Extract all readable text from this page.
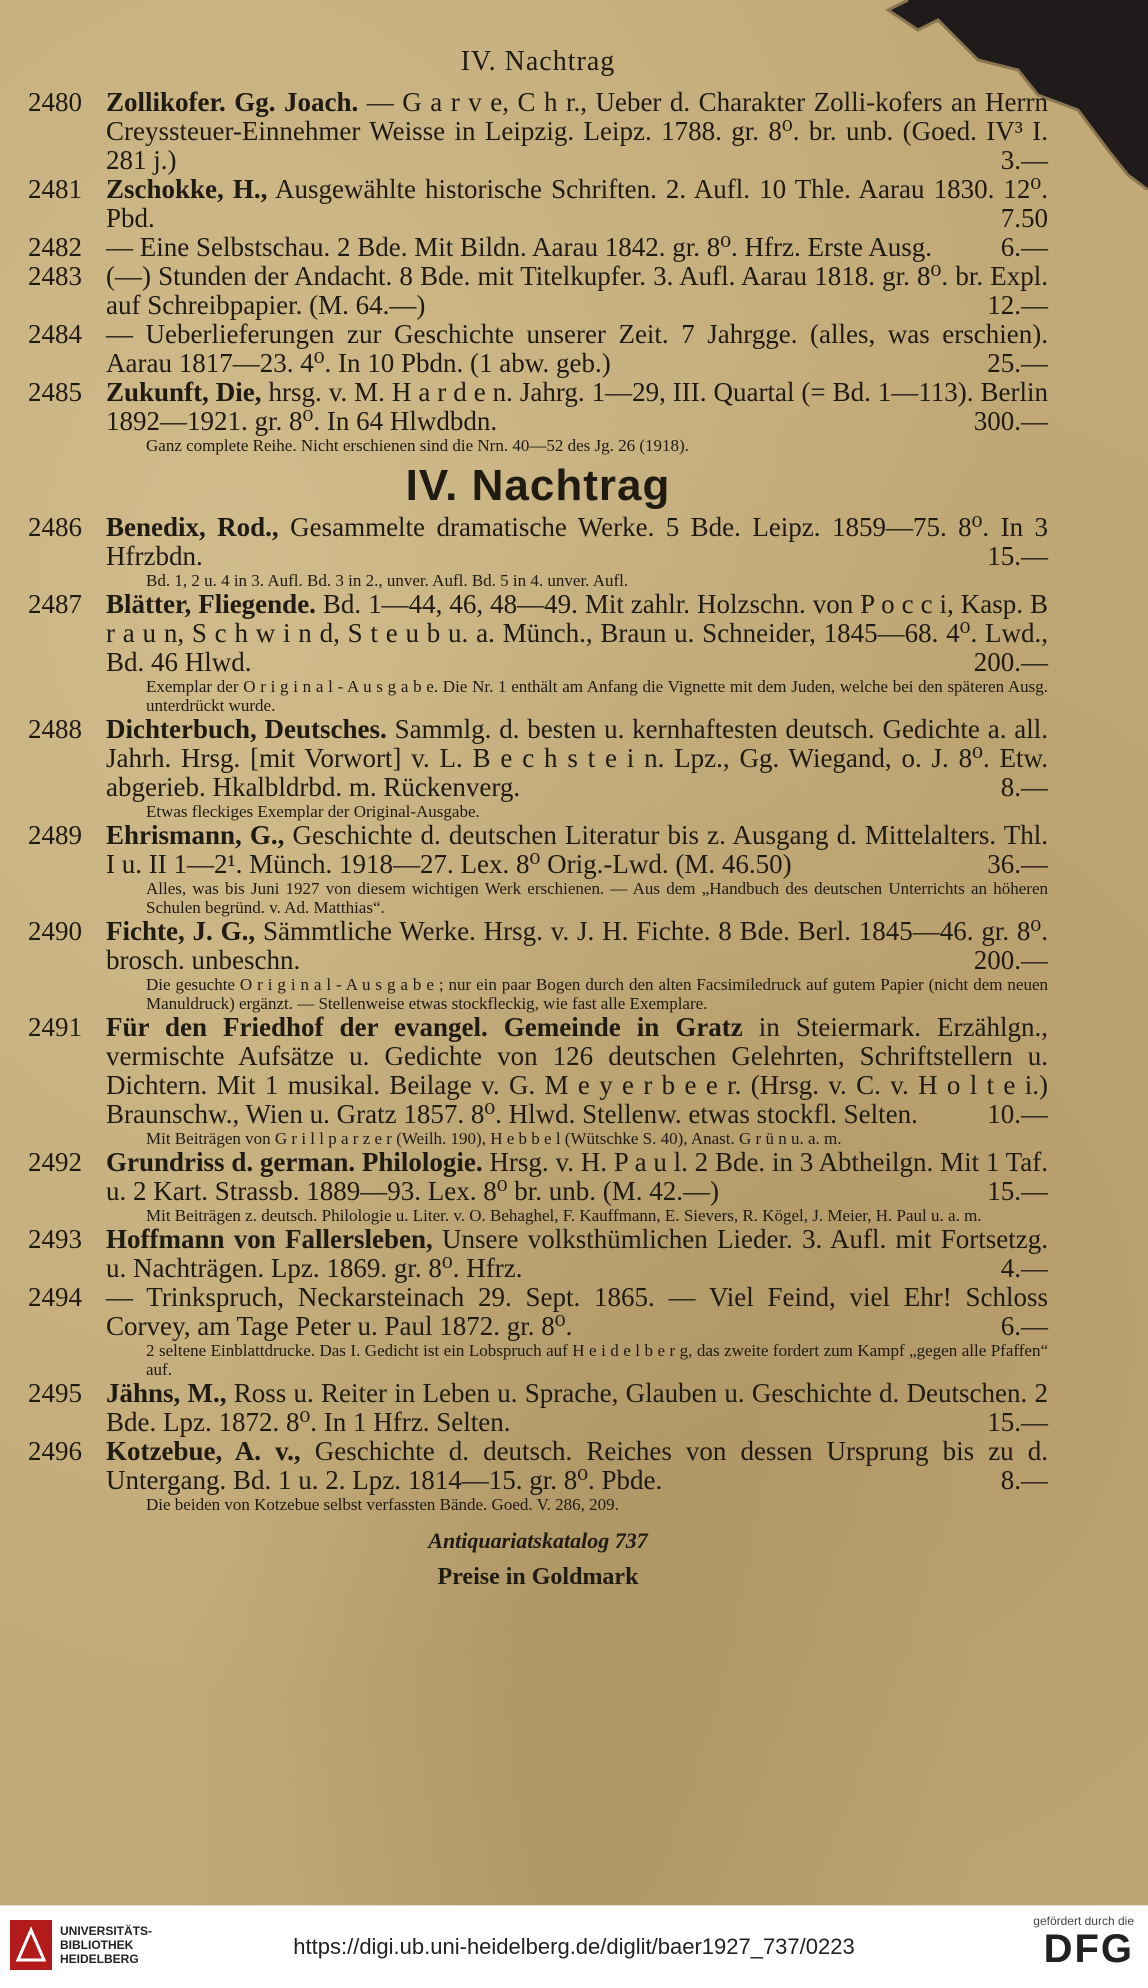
IV. Nachtrag
2480 Zollikofer. Gg. Joach. — G a r v e, C h r., Ueber d. Charakter Zolli-kofers an Herrn Creyssteuer-Einnehmer Weisse in Leipzig. Leipz. 1788. gr. 8⁰. br. unb. (Goed. IV³ I. 281 j.)	3.—
2481 Zschokke, H., Ausgewählte historische Schriften. 2. Aufl. 10 Thle. Aarau 1830. 12⁰. Pbd.	7.50
2482 — Eine Selbstschau. 2 Bde. Mit Bildn. Aarau 1842. gr. 8⁰. Hfrz. Erste Ausg.	6.—
2483 (—) Stunden der Andacht. 8 Bde. mit Titelkupfer. 3. Aufl. Aarau 1818. gr. 8⁰. br. Expl. auf Schreibpapier. (M. 64.—)	12.—
2484 — Ueberlieferungen zur Geschichte unserer Zeit. 7 Jahrgge. (alles, was erschien). Aarau 1817—23. 4⁰. In 10 Pbdn. (1 abw. geb.)	25.—
2485 Zukunft, Die, hrsg. v. M. H a r d e n. Jahrg. 1—29, III. Quartal (= Bd. 1—113). Berlin 1892—1921. gr. 8⁰. In 64 Hlwdbdn.	300.—
Ganz complete Reihe. Nicht erschienen sind die Nrn. 40—52 des Jg. 26 (1918).
IV. Nachtrag
2486 Benedix, Rod., Gesammelte dramatische Werke. 5 Bde. Leipz. 1859—75. 8⁰. In 3 Hfrzbdn.	15.—
Bd. 1, 2 u. 4 in 3. Aufl. Bd. 3 in 2., unver. Aufl. Bd. 5 in 4. unver. Aufl.
2487 Blätter, Fliegende. Bd. 1—44, 46, 48—49. Mit zahlr. Holzschn. von P o c c i, Kasp. B r a u n, S c h w i n d, S t e u b u. a. Münch., Braun u. Schneider, 1845—68. 4⁰. Lwd., Bd. 46 Hlwd.	200.—
Exemplar der O r i g i n a l - A u s g a b e. Die Nr. 1 enthält am Anfang die Vignette mit dem Juden, welche bei den späteren Ausg. unterdrückt wurde.
2488 Dichterbuch, Deutsches. Sammlg. d. besten u. kernhaftesten deutsch. Gedichte a. all. Jahrh. Hrsg. [mit Vorwort] v. L. B e c h s t e i n. Lpz., Gg. Wiegand, o. J. 8⁰. Etw. abgerieb. Hkalbldrbd. m. Rückenverg.	8.—
Etwas fleckiges Exemplar der Original-Ausgabe.
2489 Ehrismann, G., Geschichte d. deutschen Literatur bis z. Ausgang d. Mittelalters. Thl. I u. II 1—2¹. Münch. 1918—27. Lex. 8⁰ Orig.-Lwd. (M. 46.50)	36.—
Alles, was bis Juni 1927 von diesem wichtigen Werk erschienen. — Aus dem „Handbuch des deutschen Unterrichts an höheren Schulen begründ. v. Ad. Matthias“.
2490 Fichte, J. G., Sämmtliche Werke. Hrsg. v. J. H. Fichte. 8 Bde. Berl. 1845—46. gr. 8⁰. brosch. unbeschn.	200.—
Die gesuchte O r i g i n a l - A u s g a b e ; nur ein paar Bogen durch den alten Facsimiledruck auf gutem Papier (nicht dem neuen Manuldruck) ergänzt. — Stellenweise etwas stockfleckig, wie fast alle Exemplare.
2491 Für den Friedhof der evangel. Gemeinde in Gratz in Steiermark. Erzählgn., vermischte Aufsätze u. Gedichte von 126 deutschen Gelehrten, Schriftstellern u. Dichtern. Mit 1 musikal. Beilage v. G. M e y e r b e e r. (Hrsg. v. C. v. H o l t e i.) Braunschw., Wien u. Gratz 1857. 8⁰. Hlwd. Stellenw. etwas stockfl. Selten.	10.—
Mit Beiträgen von G r i l l p a r z e r (Weilh. 190), H e b b e l (Wütschke S. 40), Anast. G r ü n u. a. m.
2492 Grundriss d. german. Philologie. Hrsg. v. H. P a u l. 2 Bde. in 3 Abtheilgn. Mit 1 Taf. u. 2 Kart. Strassb. 1889—93. Lex. 8⁰ br. unb. (M. 42.—)	15.—
Mit Beiträgen z. deutsch. Philologie u. Liter. v. O. Behaghel, F. Kauffmann, E. Sievers, R. Kögel, J. Meier, H. Paul u. a. m.
2493 Hoffmann von Fallersleben, Unsere volksthümlichen Lieder. 3. Aufl. mit Fortsetzg. u. Nachträgen. Lpz. 1869. gr. 8⁰. Hfrz.	4.—
2494 — Trinkspruch, Neckarsteinach 29. Sept. 1865. — Viel Feind, viel Ehr! Schloss Corvey, am Tage Peter u. Paul 1872. gr. 8⁰.	6.—
2 seltene Einblattdrucke. Das I. Gedicht ist ein Lobspruch auf H e i d e l b e r g, das zweite fordert zum Kampf „gegen alle Pfaffen“ auf.
2495 Jähns, M., Ross u. Reiter in Leben u. Sprache, Glauben u. Geschichte d. Deutschen. 2 Bde. Lpz. 1872. 8⁰. In 1 Hfrz. Selten.	15.—
2496 Kotzebue, A. v., Geschichte d. deutsch. Reiches von dessen Ursprung bis zu d. Untergang. Bd. 1 u. 2. Lpz. 1814—15. gr. 8⁰. Pbde.	8.—
Die beiden von Kotzebue selbst verfassten Bände. Goed. V. 286, 209.
Antiquariatskatalog 737
Preise in Goldmark
UNIVERSITÄTS-
BIBLIOTHEK
HEIDELBERG	https://digi.ub.uni-heidelberg.de/diglit/baer1927_737/0223
gefördert durch die
DFG
